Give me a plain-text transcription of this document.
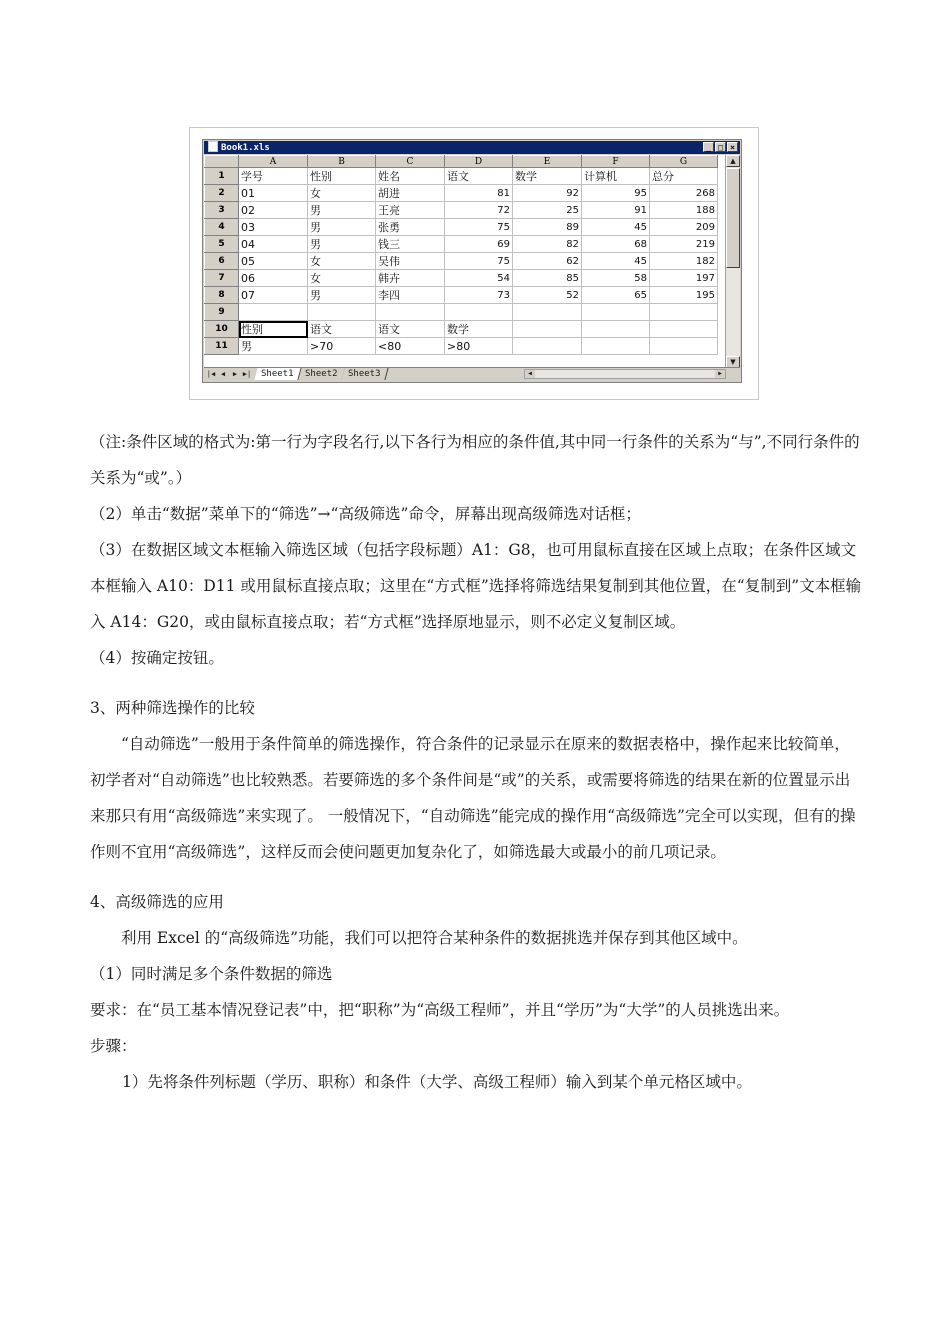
Book1.xls	_ □ ×
	A	B	C	D	E	F	G
1	学号	性别	姓名	语文	数学	计算机	总分
2	01	女	胡进	81	92	95	268
3	02	男	王亮	72	25	91	188
4	03	男	张勇	75	89	45	209
5	04	男	钱三	69	82	68	219
6	05	女	吴伟	75	62	45	182
7	06	女	韩卉	54	85	58	197
8	07	男	李四	73	52	65	195
9							
10	性别	语文	语文	数学			
11	男	>70	<80	>80			
▲
▼
|◀ ◀	▶ ▶|	Sheet1	Sheet2	Sheet3	◀	▶

（注:条件区域的格式为:第一行为字段名行,以下各行为相应的条件值,其中同一行条件的关系为“与”,不同行条件的关系为“或”。）

（2）单击“数据”菜单下的“筛选”→“高级筛选”命令，屏幕出现高级筛选对话框；

（3）在数据区域文本框输入筛选区域（包括字段标题）A1：G8，也可用鼠标直接在区域上点取；在条件区域文本框输入 A10：D11 或用鼠标直接点取；这里在“方式框”选择将筛选结果复制到其他位置，在“复制到”文本框输入 A14：G20，或由鼠标直接点取；若“方式框”选择原地显示，则不必定义复制区域。

（4）按确定按钮。

3、两种筛选操作的比较

“自动筛选”一般用于条件简单的筛选操作，符合条件的记录显示在原来的数据表格中，操作起来比较简单，初学者对“自动筛选”也比较熟悉。若要筛选的多个条件间是“或”的关系，或需要将筛选的结果在新的位置显示出来那只有用“高级筛选”来实现了。 一般情况下，“自动筛选”能完成的操作用“高级筛选”完全可以实现，但有的操作则不宜用“高级筛选”，这样反而会使问题更加复杂化了，如筛选最大或最小的前几项记录。

4、高级筛选的应用

利用 Excel 的“高级筛选”功能，我们可以把符合某种条件的数据挑选并保存到其他区域中。

（1）同时满足多个条件数据的筛选

要求：在“员工基本情况登记表”中，把“职称”为“高级工程师”，并且“学历”为“大学”的人员挑选出来。

步骤：

1）先将条件列标题（学历、职称）和条件（大学、高级工程师）输入到某个单元格区域中。
